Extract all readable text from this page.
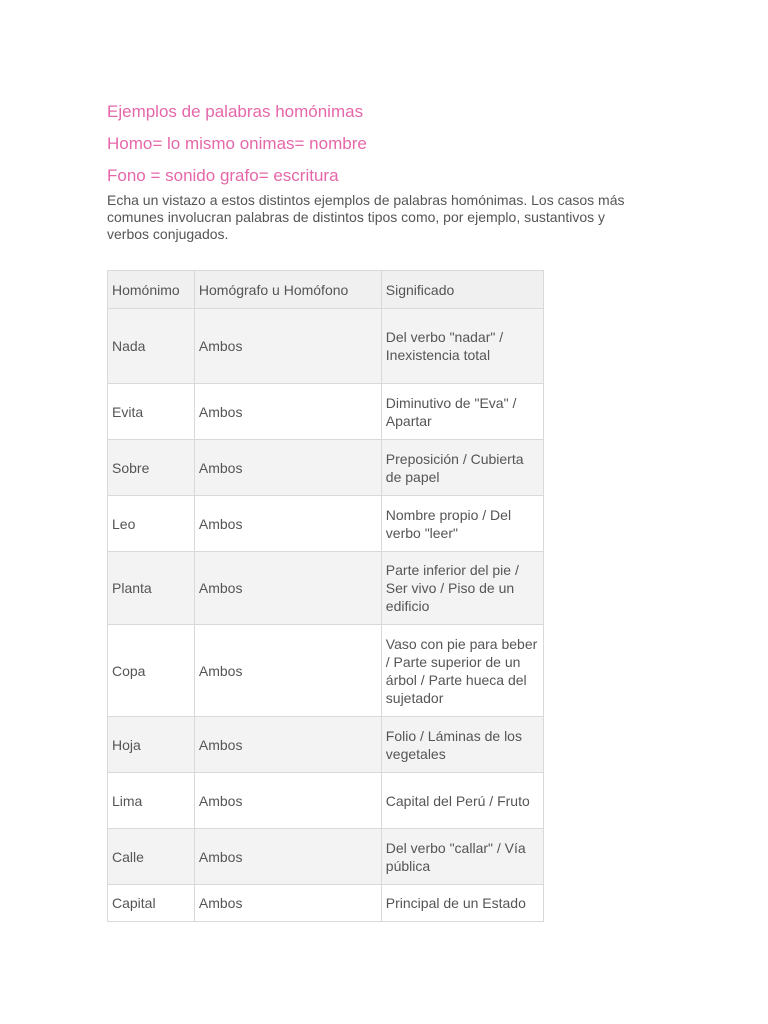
Ejemplos de palabras homónimas
Homo= lo mismo onimas= nombre
Fono = sonido grafo= escritura

Echa un vistazo a estos distintos ejemplos de palabras homónimas. Los casos más comunes involucran palabras de distintos tipos como, por ejemplo, sustantivos y verbos conjugados.

Homónimo	Homógrafo u Homófono	Significado
Nada	Ambos	Del verbo "nadar" / Inexistencia total
Evita	Ambos	Diminutivo de "Eva" / Apartar
Sobre	Ambos	Preposición / Cubierta de papel
Leo	Ambos	Nombre propio / Del verbo "leer"
Planta	Ambos	Parte inferior del pie / Ser vivo / Piso de un edificio
Copa	Ambos	Vaso con pie para beber / Parte superior de un árbol / Parte hueca del sujetador
Hoja	Ambos	Folio / Láminas de los vegetales
Lima	Ambos	Capital del Perú / Fruto
Calle	Ambos	Del verbo "callar" / Vía pública
Capital	Ambos	Principal de un Estado
